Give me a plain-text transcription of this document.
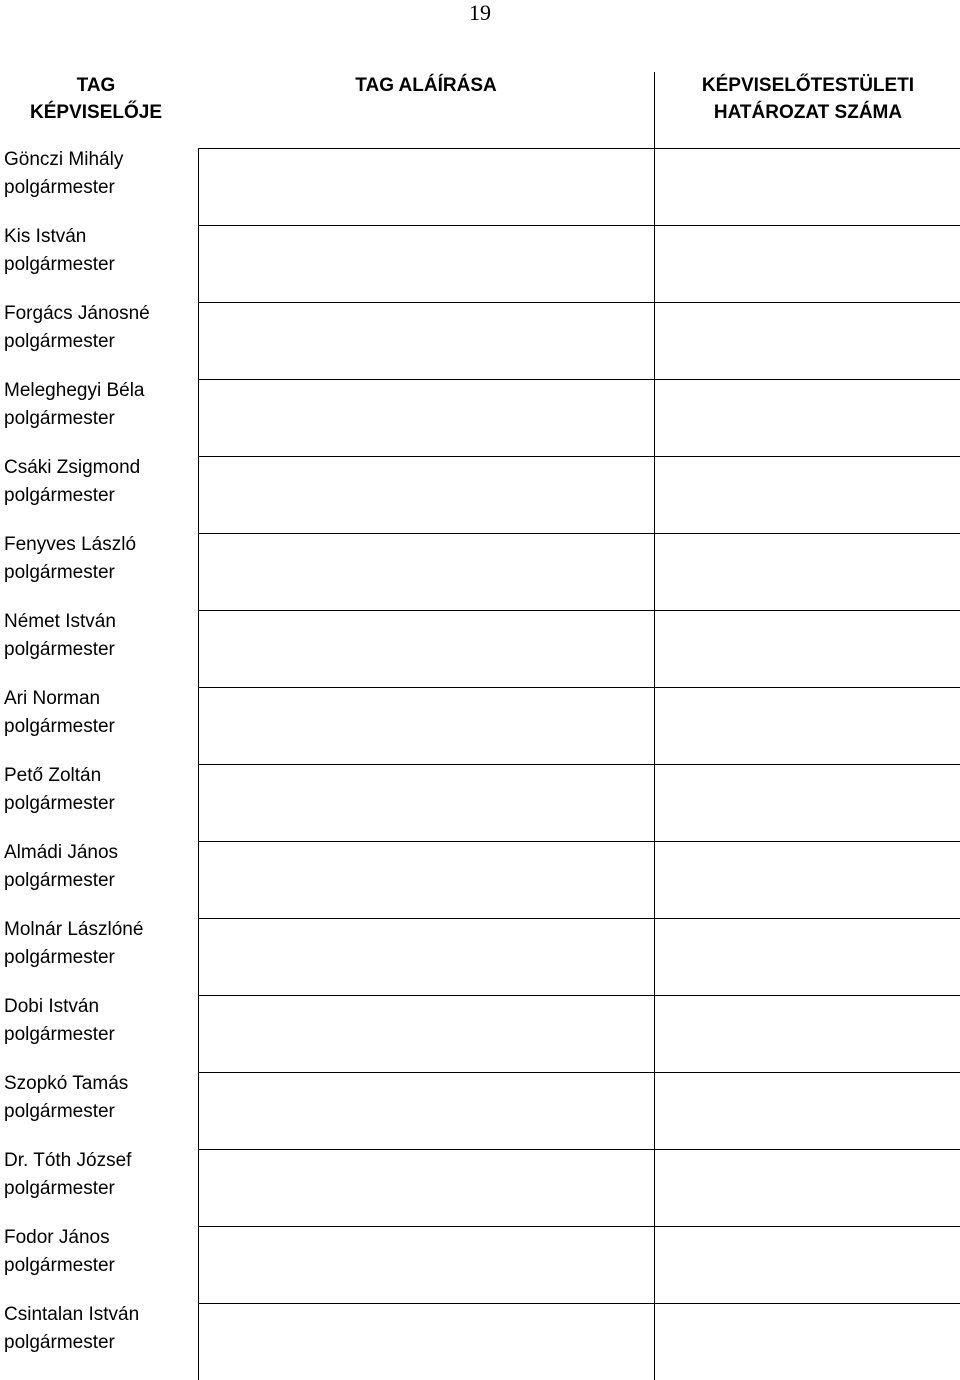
19
TAG
KÉPVISELŐJE
TAG ALÁÍRÁSA	KÉPVISELŐTESTÜLETI
HATÁROZAT SZÁMA
Gönczi Mihály
polgármester
Kis István
polgármester
Forgács Jánosné
polgármester
Meleghegyi Béla
polgármester
Csáki Zsigmond
polgármester
Fenyves László
polgármester
Német István
polgármester
Ari Norman
polgármester
Pető Zoltán
polgármester
Almádi János
polgármester
Molnár Lászlóné
polgármester
Dobi István
polgármester
Szopkó Tamás
polgármester
Dr. Tóth József
polgármester
Fodor János
polgármester
Csintalan István
polgármester
